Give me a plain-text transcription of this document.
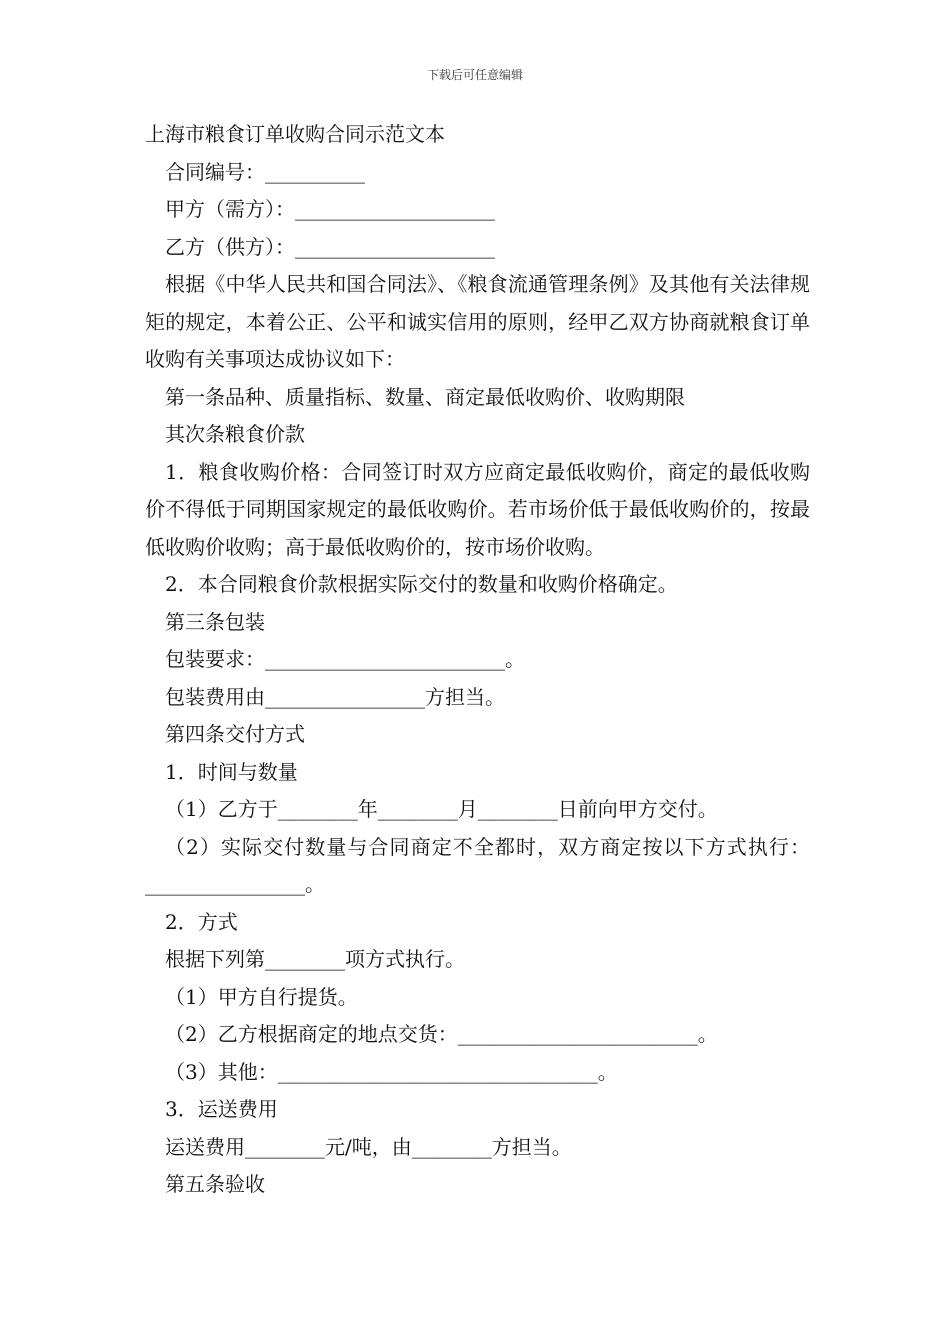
下载后可任意编辑
上海市粮食订单收购合同示范文本
合同编号：__________
甲方（需方）：____________________
乙方（供方）：____________________
根据《中华人民共和国合同法》、《粮食流通管理条例》及其他有关法律规矩的规定，本着公正、公平和诚实信用的原则，经甲乙双方协商就粮食订单收购有关事项达成协议如下：
第一条品种、质量指标、数量、商定最低收购价、收购期限
其次条粮食价款
1．粮食收购价格：合同签订时双方应商定最低收购价，商定的最低收购价不得低于同期国家规定的最低收购价。若市场价低于最低收购价的，按最低收购价收购；高于最低收购价的，按市场价收购。
2．本合同粮食价款根据实际交付的数量和收购价格确定。
第三条包装
包装要求：________________________。
包装费用由________________方担当。
第四条交付方式
1．时间与数量
（1）乙方于________年________月________日前向甲方交付。
（2）实际交付数量与合同商定不全都时，双方商定按以下方式执行：________________。
2．方式
根据下列第________项方式执行。
（1）甲方自行提货。
（2）乙方根据商定的地点交货：________________________。
（3）其他：________________________________。
3．运送费用
运送费用________元/吨，由________方担当。
第五条验收
